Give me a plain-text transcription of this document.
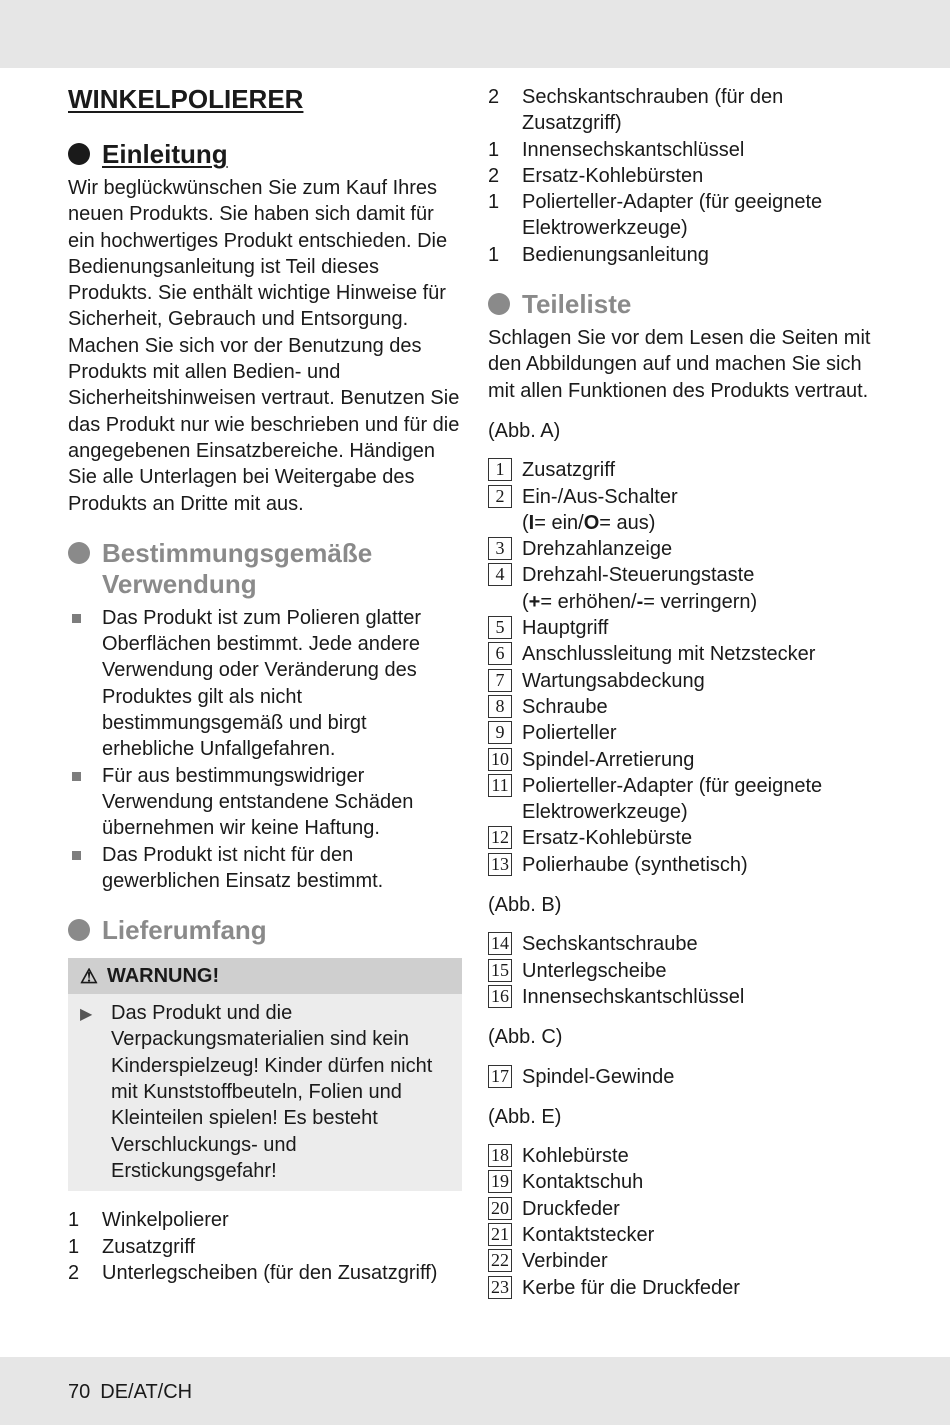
WINKELPOLIERER
Einleitung

Wir beglückwünschen Sie zum Kauf Ihres neuen Produkts. Sie haben sich damit für ein hochwertiges Produkt entschieden. Die Bedienungsanleitung ist Teil dieses Produkts. Sie enthält wichtige Hinweise für Sicherheit, Gebrauch und Entsorgung. Machen Sie sich vor der Benutzung des Produkts mit allen Bedien- und Sicherheitshinweisen vertraut. Benutzen Sie das Produkt nur wie beschrieben und für die angegebenen Einsatzbereiche. Händigen Sie alle Unterlagen bei Weitergabe des Produkts an Dritte mit aus.

Bestimmungsgemäße
Verwendung
Das Produkt ist zum Polieren glatter Oberflächen bestimmt. Jede andere Verwendung oder Veränderung des Produktes gilt als nicht bestimmungsgemäß und birgt erhebliche Unfallgefahren.
Für aus bestimmungswidriger Verwendung entstandene Schäden übernehmen wir keine Haftung.
Das Produkt ist nicht für den gewerblichen Einsatz bestimmt.
Lieferumfang
⚠ WARNUNG!
▶ Das Produkt und die Verpackungsmaterialien sind kein Kinderspielzeug! Kinder dürfen nicht mit Kunststoffbeuteln, Folien und Kleinteilen spielen! Es besteht Verschluckungs- und Erstickungsgefahr!
1	Winkelpolierer
1	Zusatzgriff
2	Unterlegscheiben (für den Zusatzgriff)
2	Sechskantschrauben (für den Zusatzgriff)
1	Innensechskantschlüssel
2	Ersatz-Kohlebürsten
1	Polierteller-Adapter (für geeignete Elektrowerkzeuge)
1	Bedienungsanleitung
Teileliste

Schlagen Sie vor dem Lesen die Seiten mit den Abbildungen auf und machen Sie sich mit allen Funktionen des Produkts vertraut.

(Abb. A)

1 Zusatzgriff
2 Ein-/Aus-Schalter
( I = ein/ O = aus)
3 Drehzahlanzeige
4 Drehzahl-Steuerungstaste
( + = erhöhen/ - = verringern)
5 Hauptgriff
6 Anschlussleitung mit Netzstecker
7 Wartungsabdeckung
8 Schraube
9 Polierteller
10 Spindel-Arretierung
11 Polierteller-Adapter (für geeignete Elektrowerkzeuge)
12 Ersatz-Kohlebürste
13 Polierhaube (synthetisch)

(Abb. B)

14 Sechskantschraube
15 Unterlegscheibe
16 Innensechskantschlüssel

(Abb. C)

17 Spindel-Gewinde

(Abb. E)

18 Kohlebürste
19 Kontaktschuh
20 Druckfeder
21 Kontaktstecker
22 Verbinder
23 Kerbe für die Druckfeder
70 DE/AT/CH
